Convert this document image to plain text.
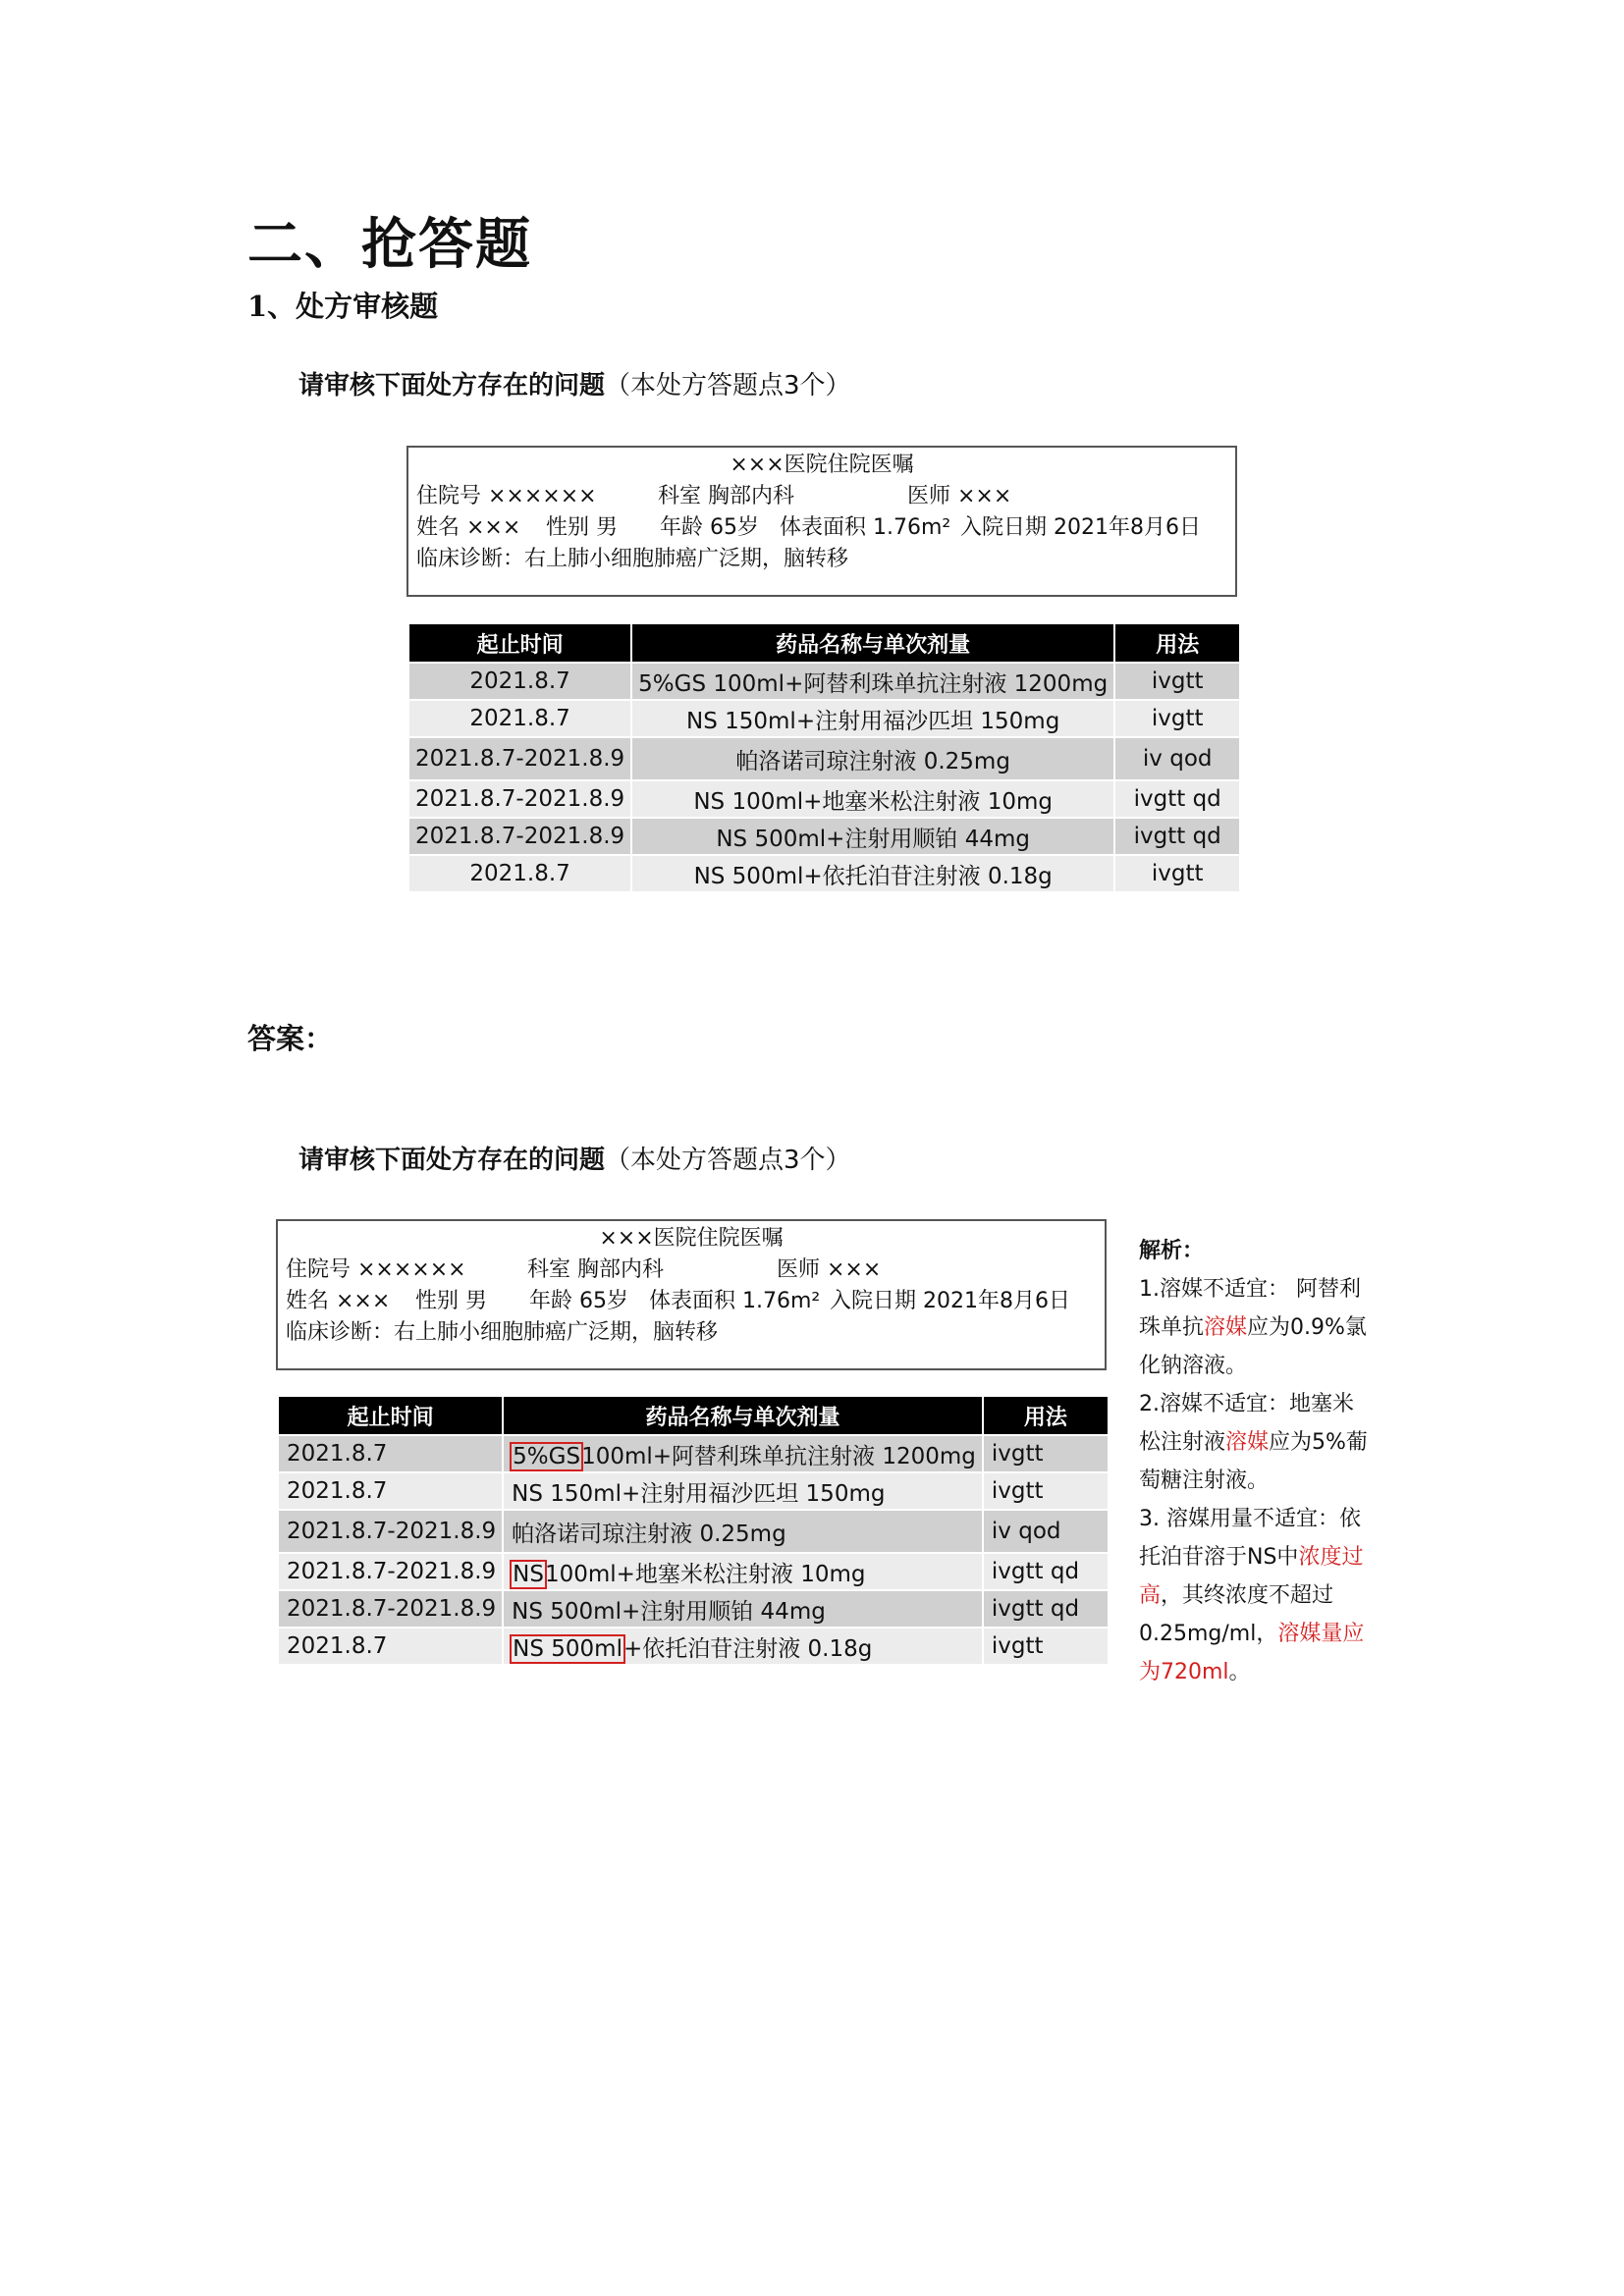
二、抢答题
1、处方审核题
请审核下面处方存在的问题（本处方答题点3个）
×××医院住院医嘱
住院号 ××××××	科室 胸部内科	医师 ×××
姓名 ××× 性别 男 年龄 65岁 体表面积 1.76m² 入院日期 2021年8月6日
临床诊断：右上肺小细胞肺癌广泛期，脑转移
起止时间	药品名称与单次剂量	用法
2021.8.7	5%GS 100ml+阿替利珠单抗注射液 1200mg	ivgtt
2021.8.7	NS 150ml+注射用福沙匹坦 150mg	ivgtt
2021.8.7-2021.8.9	帕洛诺司琼注射液 0.25mg	iv qod
2021.8.7-2021.8.9	NS 100ml+地塞米松注射液 10mg	ivgtt qd
2021.8.7-2021.8.9	NS 500ml+注射用顺铂 44mg	ivgtt qd
2021.8.7	NS 500ml+依托泊苷注射液 0.18g	ivgtt
答案：
请审核下面处方存在的问题（本处方答题点3个）
×××医院住院医嘱
住院号 ××××××	科室 胸部内科	医师 ×××
姓名 ××× 性别 男 年龄 65岁 体表面积 1.76m² 入院日期 2021年8月6日
临床诊断：右上肺小细胞肺癌广泛期，脑转移
起止时间	药品名称与单次剂量	用法
2021.8.7	5%GS100ml+阿替利珠单抗注射液 1200mg	ivgtt
2021.8.7	NS 150ml+注射用福沙匹坦 150mg	ivgtt
2021.8.7-2021.8.9	帕洛诺司琼注射液 0.25mg	iv qod
2021.8.7-2021.8.9	NS100ml+地塞米松注射液 10mg	ivgtt qd
2021.8.7-2021.8.9	NS 500ml+注射用顺铂 44mg	ivgtt qd
2021.8.7	NS 500ml+依托泊苷注射液 0.18g	ivgtt
解析：
1.溶媒不适宜： 阿替利珠单抗溶媒应为0.9%氯化钠溶液。
2.溶媒不适宜：地塞米松注射液溶媒应为5%葡萄糖注射液。
3. 溶媒用量不适宜：依托泊苷溶于NS中浓度过高，其终浓度不超过0.25mg/ml，溶媒量应为720ml。
